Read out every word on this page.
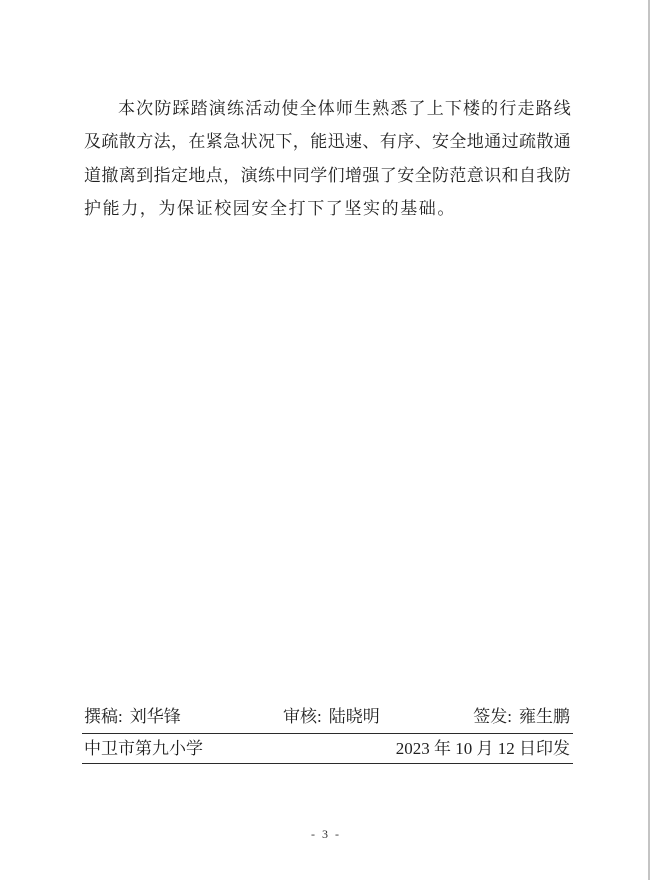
本次防踩踏演练活动使全体师生熟悉了上下楼的行走路线
及疏散方法，在紧急状况下，能迅速、有序、安全地通过疏散通
道撤离到指定地点，演练中同学们增强了安全防范意识和自我防
护能力，为保证校园安全打下了坚实的基础。
撰稿: 刘华锋	审核: 陆晓明	签发: 雍生鹏
中卫市第九小学	2023 年 10 月 12 日印发
- 3 -
